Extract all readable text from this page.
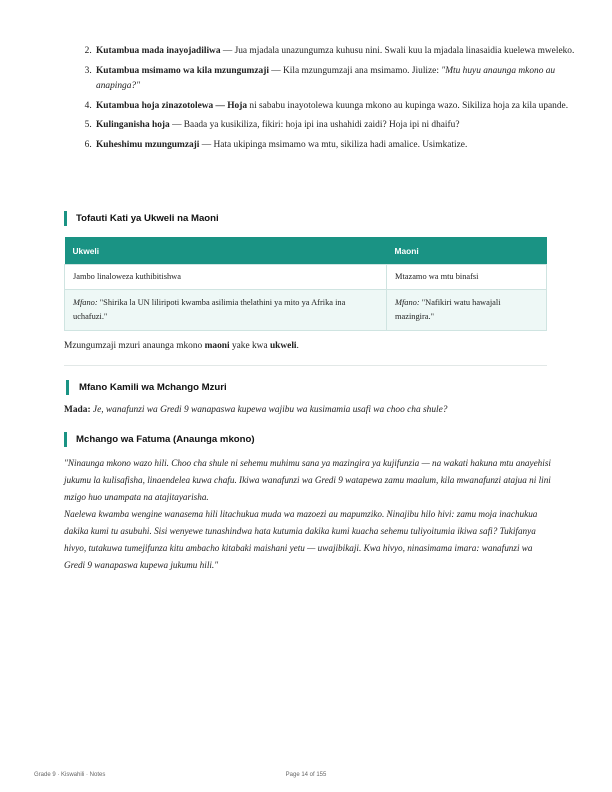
2. Kutambua mada inayojadiliwa — Jua mjadala unazungumza kuhusu nini. Swali kuu la mjadala linasaidia kuelewa mweleko.
3. Kutambua msimamo wa kila mzungumzaji — Kila mzungumzaji ana msimamo. Jiulize: "Mtu huyu anaunga mkono au anapinga?"
4. Kutambua hoja zinazotolewa — Hoja ni sababu inayotolewa kuunga mkono au kupinga wazo. Sikiliza hoja za kila upande.
5. Kulinganisha hoja — Baada ya kusikiliza, fikiri: hoja ipi ina ushahidi zaidi? Hoja ipi ni dhaifu?
6. Kuheshimu mzungumzaji — Hata ukipinga msimamo wa mtu, sikiliza hadi amalice. Usimkatize.
Tofauti Kati ya Ukweli na Maoni
Ukweli	Maoni
Jambo linaloweza kuthibitishwa	Mtazamo wa mtu binafsi
Mfano: "Shirika la UN liliripoti kwamba asilimia thelathini ya mito ya Afrika ina uchafuzi."	Mfano: "Nafikiri watu hawajali mazingira."
Mzungumzaji mzuri anaunga mkono maoni yake kwa ukweli.
Mfano Kamili wa Mchango Mzuri
Mada: Je, wanafunzi wa Gredi 9 wanapaswa kupewa wajibu wa kusimamia usafi wa choo cha shule?
Mchango wa Fatuma (Anaunga mkono)

"Ninaunga mkono wazo hili. Choo cha shule ni sehemu muhimu sana ya mazingira ya kujifunzia — na wakati hakuna mtu anayehisi jukumu la kulisafisha, linaendelea kuwa chafu. Ikiwa wanafunzi wa Gredi 9 watapewa zamu maalum, kila mwanafunzi atajua ni lini mzigo huo unampata na atajitayarisha.

Naelewa kwamba wengine wanasema hili litachukua muda wa mazoezi au mapumziko. Ninajibu hilo hivi: zamu moja inachukua dakika kumi tu asubuhi. Sisi wenyewe tunashindwa hata kutumia dakika kumi kuacha sehemu tuliyoitumia ikiwa safi? Tukifanya hivyo, tutakuwa tumejifunza kitu ambacho kitabaki maishani yetu — uwajibikaji. Kwa hivyo, ninasimama imara: wanafunzi wa Gredi 9 wanapaswa kupewa jukumu hili."

Grade 9 · Kiswahili · Notes	Page 14 of 155
